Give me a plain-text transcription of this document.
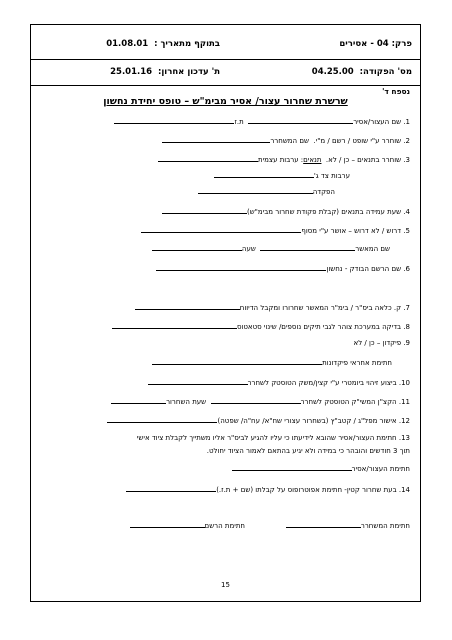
פרק: 04 - אסירים
בתוקף מתאריך :  01.08.01
מס' הפקודה:  04.25.00
ת' עדכון אחרון:  25.01.16
נספח ד'
שרשרת שחרור עצור/ אסיר מבימ"ש – טופס יחידת נחשון
1. שם העצור/אסיר  ת.ז
2. שוחרר ע"י שופט / רשם / מ"י.  שם המשחרר
3. שוחרר בתנאים – כן / לא.  תנאים: ערבות עצמית
ערבות צד ג'
הפקדה
4. שעת עמידה בתנאים (קבלת פקודת שחרור מבימ"ש)
5. דרוש / לא דרוש – אושר ע"י מסוף
שם המאשר  שעה
6. שם הרשם הבודק - נחשון
7. ק. כלאה ביס"ר / בימ"ר המאשר שחרורו ומקבל הדיווח
8. בדיקה במערכת צוהר לגבי תיקים נוספים/ שינוי סטאטוס
9. פיקדון – כן / לא
חתימת אחראי פיקדונות
10. ביצוע זיהוי ביומטרי ע"י קצין/משק הטוסטק לשחרר
11. הקצ"ן המשי"ק הטוסטק לשחרר  שעת השחרור
12. אישור מפל"ג / קטב"ץ (בשחרור עצורי שח"א/ עח"ה/ שפטה)
13. חתימת העצור/אסיר שהובא לידיעתו כי עליו להגיע לביס"ר אליו משתייך לקבלת ציוד אישי
תוך 3 חודשים והובהר כי במידה ולא יגיע בהתאם לאמור הציוד יחולט.
חתימת העצור/אסיר
14. בעת שחרור קטין- חתימת אפוטרופוס על קבלתו (שם + ת.ז.)
חתימת המשחרר
חתימת הרשם
15
